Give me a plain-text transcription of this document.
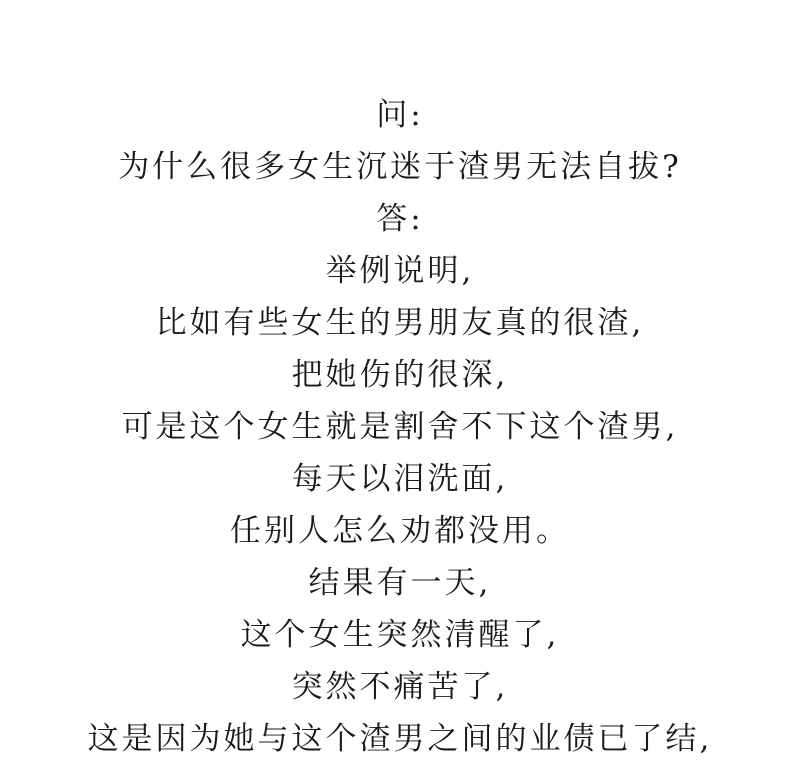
问:
为什么很多女生沉迷于渣男无法自拔?
答:
举例说明,
比如有些女生的男朋友真的很渣,
把她伤的很深,
可是这个女生就是割舍不下这个渣男,
每天以泪洗面,
任别人怎么劝都没用。
结果有一天,
这个女生突然清醒了,
突然不痛苦了,
这是因为她与这个渣男之间的业债已了结,
